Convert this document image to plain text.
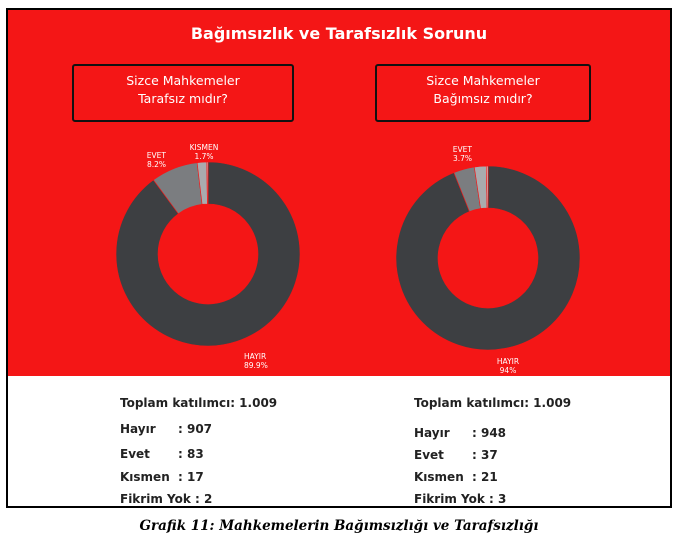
Bağımsızlık ve Tarafsızlık Sorunu
Sizce Mahkemeler
Tarafsız mıdır?
Sizce Mahkemeler
Bağımsız mıdır?
HAYIR 89.9%
EVET 8.2%
KISMEN 1.7%
HAYIR 94%
EVET 3.7%
Toplam katılımcı: 1.009
Hayır : 907
Evet : 83
Kısmen : 17
Fikrim Yok : 2
Toplam katılımcı: 1.009
Hayır : 948
Evet : 37
Kısmen : 21
Fikrim Yok : 3
Grafik 11: Mahkemelerin Bağımsızlığı ve Tarafsızlığı
